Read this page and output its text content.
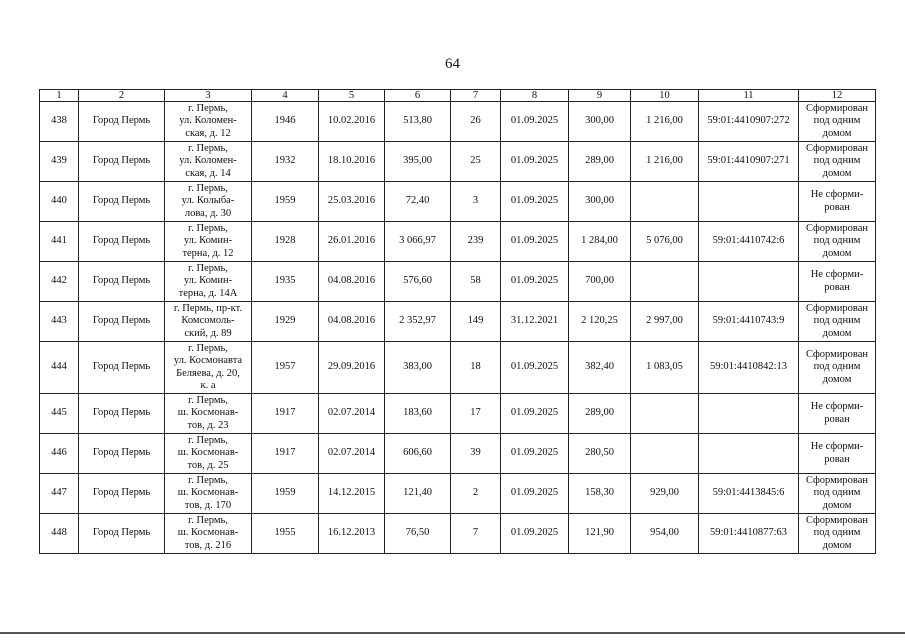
64
1	2	3	4	5	6	7	8	9	10	11	12
438	Город Пермь	г. Пермь,
ул. Коломен-
ская, д. 12	1946	10.02.2016	513,80	26	01.09.2025	300,00	1 216,00	59:01:4410907:272	Сформирован
под одним
домом
439	Город Пермь	г. Пермь,
ул. Коломен-
ская, д. 14	1932	18.10.2016	395,00	25	01.09.2025	289,00	1 216,00	59:01:4410907:271	Сформирован
под одним
домом
440	Город Пермь	г. Пермь,
ул. Колыба-
лова, д. 30	1959	25.03.2016	72,40	3	01.09.2025	300,00			Не сформи-
рован
441	Город Пермь	г. Пермь,
ул. Комин-
терна, д. 12	1928	26.01.2016	3 066,97	239	01.09.2025	1 284,00	5 076,00	59:01:4410742:6	Сформирован
под одним
домом
442	Город Пермь	г. Пермь,
ул. Комин-
терна, д. 14А	1935	04.08.2016	576,60	58	01.09.2025	700,00			Не сформи-
рован
443	Город Пермь	г. Пермь, пр-кт.
Комсомоль-
ский, д. 89	1929	04.08.2016	2 352,97	149	31.12.2021	2 120,25	2 997,00	59:01:4410743:9	Сформирован
под одним
домом
444	Город Пермь	г. Пермь,
ул. Космонавта
Беляева, д. 20,
к. а	1957	29.09.2016	383,00	18	01.09.2025	382,40	1 083,05	59:01:4410842:13	Сформирован
под одним
домом
445	Город Пермь	г. Пермь,
ш. Космонав-
тов, д. 23	1917	02.07.2014	183,60	17	01.09.2025	289,00			Не сформи-
рован
446	Город Пермь	г. Пермь,
ш. Космонав-
тов, д. 25	1917	02.07.2014	606,60	39	01.09.2025	280,50			Не сформи-
рован
447	Город Пермь	г. Пермь,
ш. Космонав-
тов, д. 170	1959	14.12.2015	121,40	2	01.09.2025	158,30	929,00	59:01:4413845:6	Сформирован
под одним
домом
448	Город Пермь	г. Пермь,
ш. Космонав-
тов, д. 216	1955	16.12.2013	76,50	7	01.09.2025	121,90	954,00	59:01:4410877:63	Сформирован
под одним
домом
